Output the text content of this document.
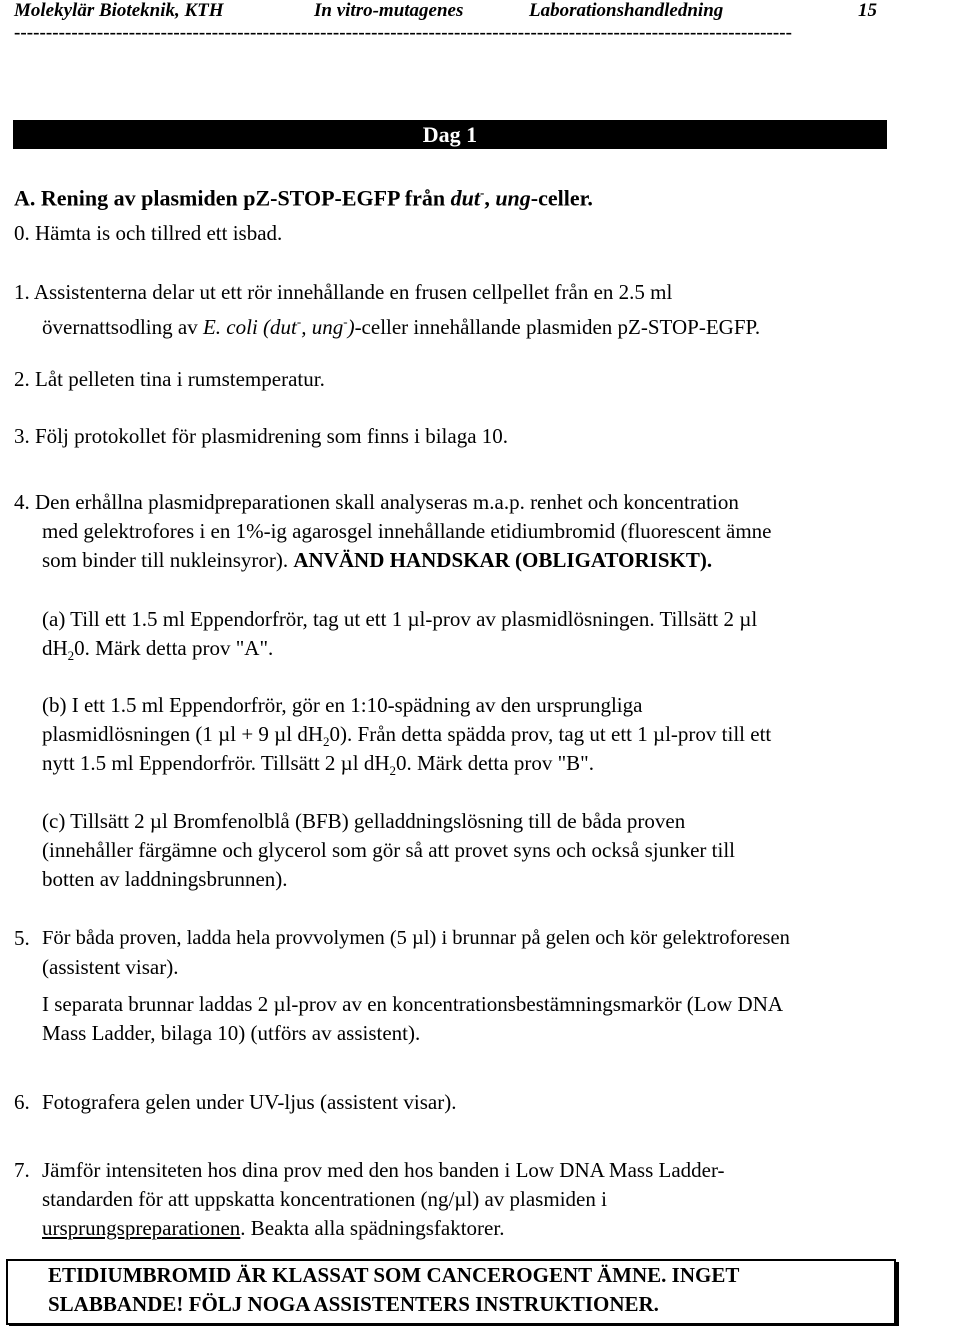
Molekylär Bioteknik, KTH	In vitro-mutagenes	Laborationshandledning	15
--------------------------------------------------------------------------------------------------------------------------
Dag 1
A. Rening av plasmiden pZ-STOP-EGFP från dut-, ung-celler.
0. Hämta is och tillred ett isbad.
1. Assistenterna delar ut ett rör innehållande en frusen cellpellet från en 2.5 ml
övernattsodling av E. coli (dut-, ung-)-celler innehållande plasmiden pZ-STOP-EGFP.
2. Låt pelleten tina i rumstemperatur.
3. Följ protokollet för plasmidrening som finns i bilaga 10.
4. Den erhållna plasmidpreparationen skall analyseras m.a.p. renhet och koncentration
med gelektrofores i en 1%-ig agarosgel innehållande etidiumbromid (fluorescent ämne
som binder till nukleinsyror). ANVÄND HANDSKAR (OBLIGATORISKT).
(a) Till ett 1.5 ml Eppendorfrör, tag ut ett 1 µl-prov av plasmidlösningen. Tillsätt 2 µl
$dH_20$. Märk detta prov "A".
(b) I ett 1.5 ml Eppendorfrör, gör en 1:10-spädning av den ursprungliga
plasmidlösningen (1 µl + 9 µl $dH_20$). Från detta spädda prov, tag ut ett 1 µl-prov till ett
nytt 1.5 ml Eppendorfrör. Tillsätt 2 µl $dH_20$. Märk detta prov "B".
(c) Tillsätt 2 µl Bromfenolblå (BFB) gelladdningslösning till de båda proven
(innehåller färgämne och glycerol som gör så att provet syns och också sjunker till
botten av laddningsbrunnen).
5. För båda proven, ladda hela provvolymen (5 µl) i brunnar på gelen och kör gelektroforesen
(assistent visar).
I separata brunnar laddas 2 µl-prov av en koncentrationsbestämningsmarkör (Low DNA
Mass Ladder, bilaga 10) (utförs av assistent).
6. Fotografera gelen under UV-ljus (assistent visar).
7. Jämför intensiteten hos dina prov med den hos banden i Low DNA Mass Ladder-
standarden för att uppskatta koncentrationen (ng/µl) av plasmiden i
ursprungspreparationen. Beakta alla spädningsfaktorer.
ETIDIUMBROMID ÄR KLASSAT SOM CANCEROGENT ÄMNE. INGET
SLABBANDE! FÖLJ NOGA ASSISTENTERS INSTRUKTIONER.
